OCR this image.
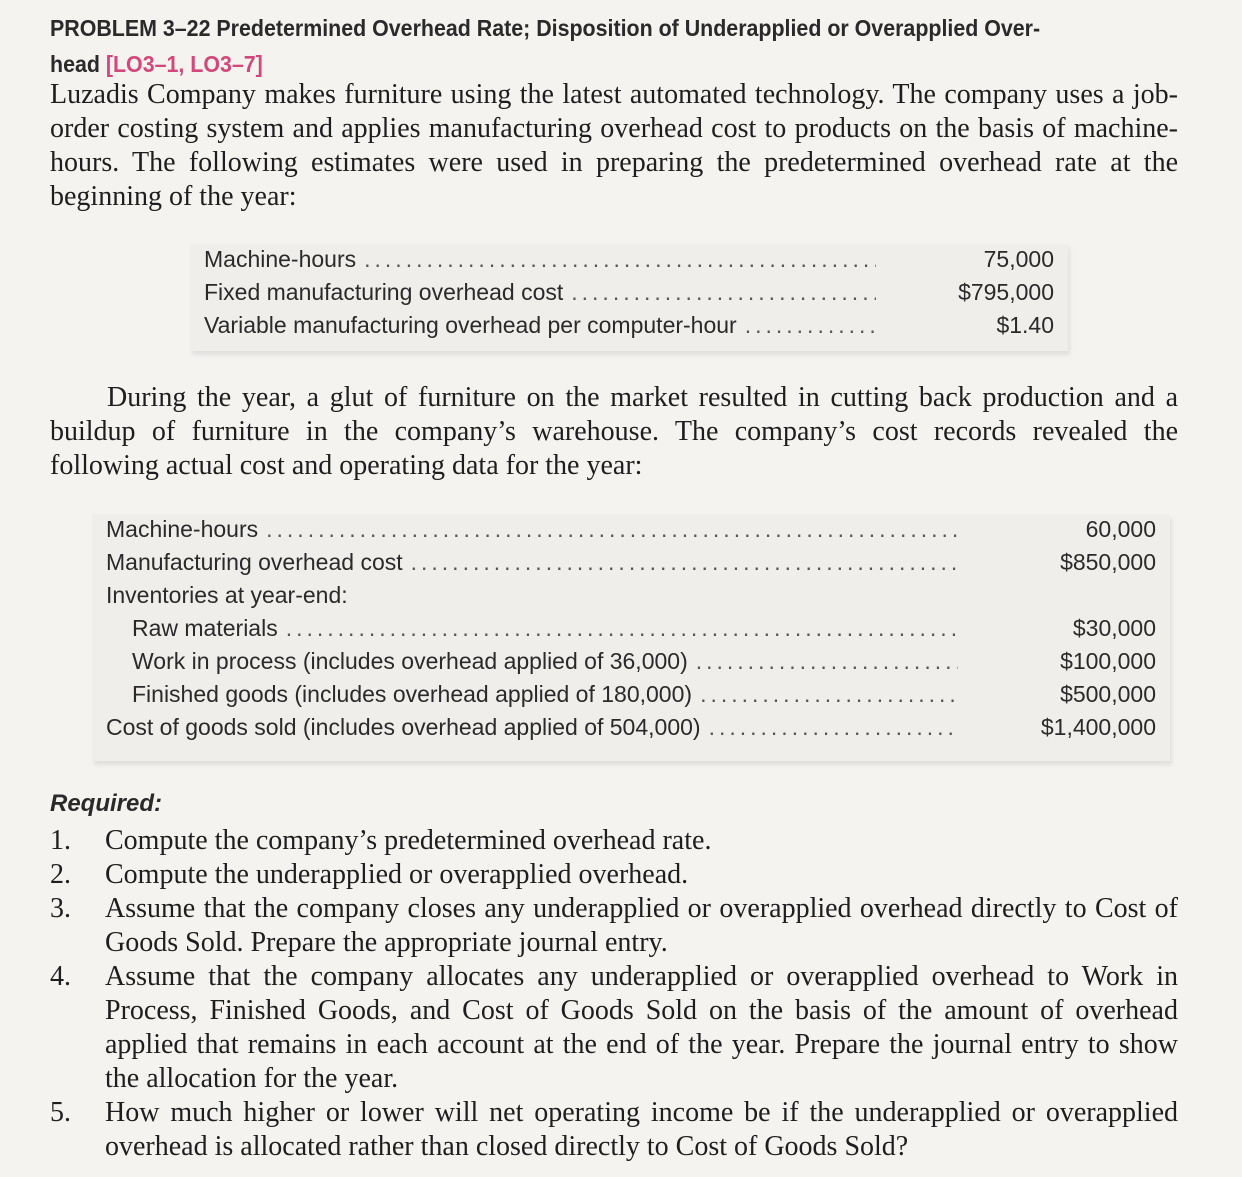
PROBLEM 3–22 Predetermined Overhead Rate; Disposition of Underapplied or Overapplied Over-
head [LO3–1, LO3–7]
Luzadis Company makes furniture using the latest automated technology. The company uses a job-order costing system and applies manufacturing overhead cost to products on the basis of machine-hours. The following estimates were used in preparing the predetermined overhead rate at the beginning of the year:
Machine-hours .....	75,000
Fixed manufacturing overhead cost .....	$795,000
Variable manufacturing overhead per computer-hour .....	$1.40
During the year, a glut of furniture on the market resulted in cutting back production and a buildup of furniture in the company’s warehouse. The company’s cost records revealed the following actual cost and operating data for the year:
Machine-hours .....	60,000
Manufacturing overhead cost .....	$850,000
Inventories at year-end:
Raw materials .....	$30,000
Work in process (includes overhead applied of 36,000) .....	$100,000
Finished goods (includes overhead applied of 180,000) .....	$500,000
Cost of goods sold (includes overhead applied of 504,000) .....	$1,400,000
Required:
1.	Compute the company’s predetermined overhead rate.
2.	Compute the underapplied or overapplied overhead.
3.	Assume that the company closes any underapplied or overapplied overhead directly to Cost of Goods Sold. Prepare the appropriate journal entry.
4.	Assume that the company allocates any underapplied or overapplied overhead to Work in Process, Finished Goods, and Cost of Goods Sold on the basis of the amount of overhead applied that remains in each account at the end of the year. Prepare the journal entry to show the allocation for the year.
5.	How much higher or lower will net operating income be if the underapplied or overapplied overhead is allocated rather than closed directly to Cost of Goods Sold?
